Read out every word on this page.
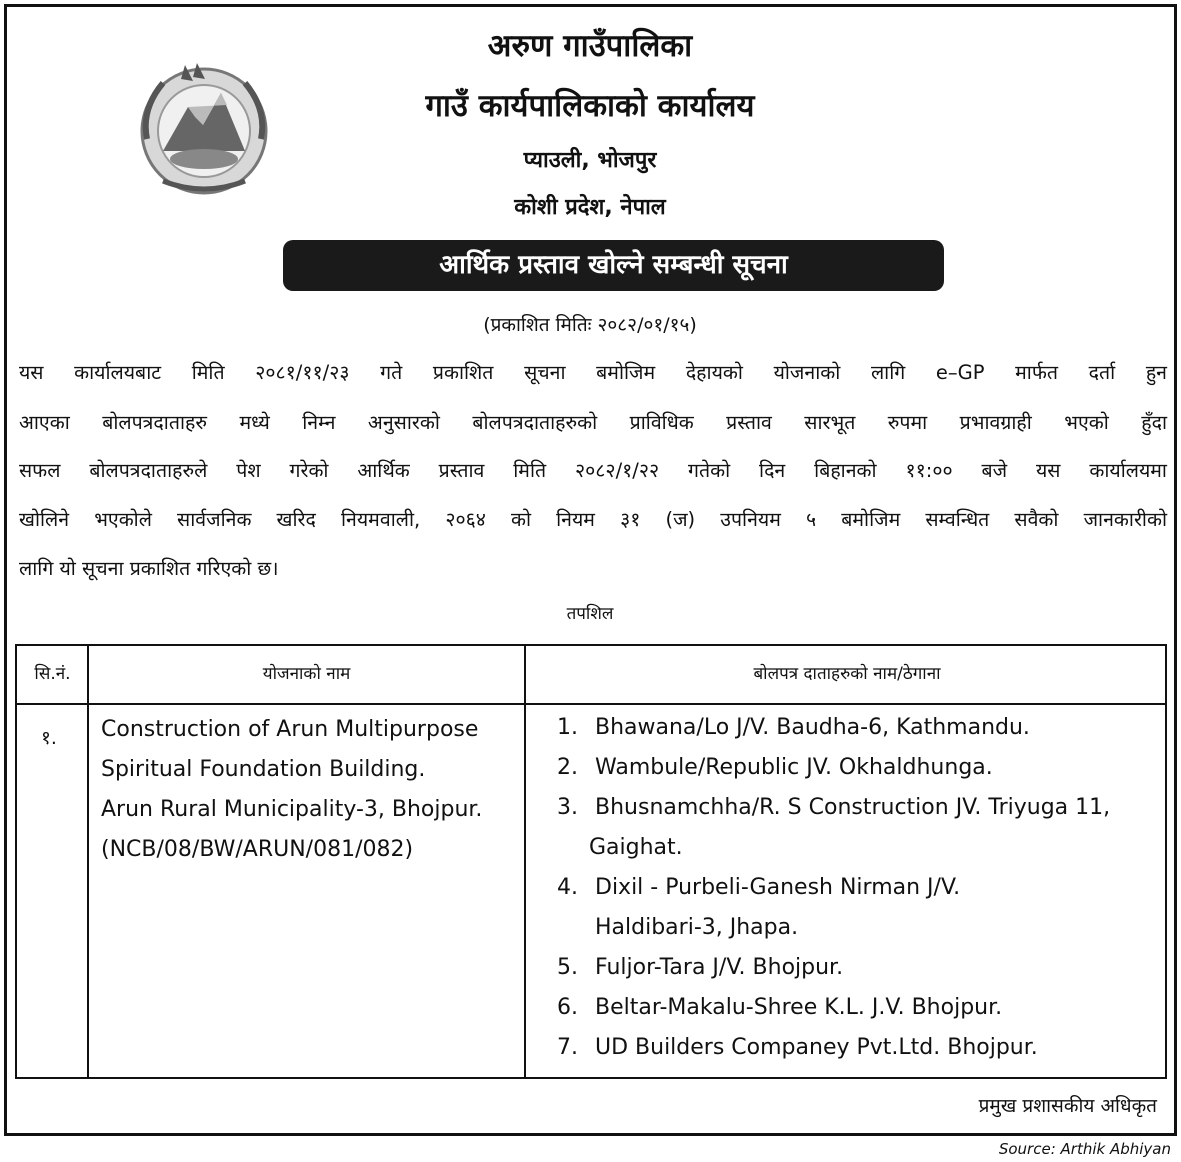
अरुण गाउँपालिका
गाउँ कार्यपालिकाको कार्यालय
प्याउली, भोजपुर
कोशी प्रदेश, नेपाल
आर्थिक प्रस्ताव खोल्ने सम्बन्धी सूचना
(प्रकाशित मितिः २०८२/०१/१५)
यस कार्यालयबाट मिति २०८१/११/२३ गते प्रकाशित सूचना बमोजिम देहायको योजनाको लागि e–GP मार्फत दर्ता हुन
आएका बोलपत्रदाताहरु मध्ये निम्न अनुसारको बोलपत्रदाताहरुको प्राविधिक प्रस्ताव सारभूत रुपमा प्रभावग्राही भएको हुँदा
सफल बोलपत्रदाताहरुले पेश गरेको आर्थिक प्रस्ताव मिति २०८२/१/२२ गतेको दिन बिहानको ११:०० बजे यस कार्यालयमा
खोलिने भएकोले सार्वजनिक खरिद नियमवाली, २०६४ को नियम ३१ (ज) उपनियम ५ बमोजिम सम्वन्धित सवैको जानकारीको
लागि यो सूचना प्रकाशित गरिएको छ।
तपशिल
सि.नं.	योजनाको नाम	बोलपत्र दाताहरुको नाम/ठेगाना
१. Construction of Arun Multipurpose
Spiritual Foundation Building.
Arun Rural Municipality-3, Bhojpur.
(NCB/08/BW/ARUN/081/082)
1. Bhawana/Lo J/V. Baudha-6, Kathmandu.
2. Wambule/Republic JV. Okhaldhunga.
3. Bhusnamchha/R. S Construction JV. Triyuga 11,
Gaighat.
4. Dixil - Purbeli-Ganesh Nirman J/V.
Haldibari-3, Jhapa.
5. Fuljor-Tara J/V. Bhojpur.
6. Beltar-Makalu-Shree K.L. J.V. Bhojpur.
7. UD Builders Companey Pvt.Ltd. Bhojpur.
प्रमुख प्रशासकीय अधिकृत
Source: Arthik Abhiyan
